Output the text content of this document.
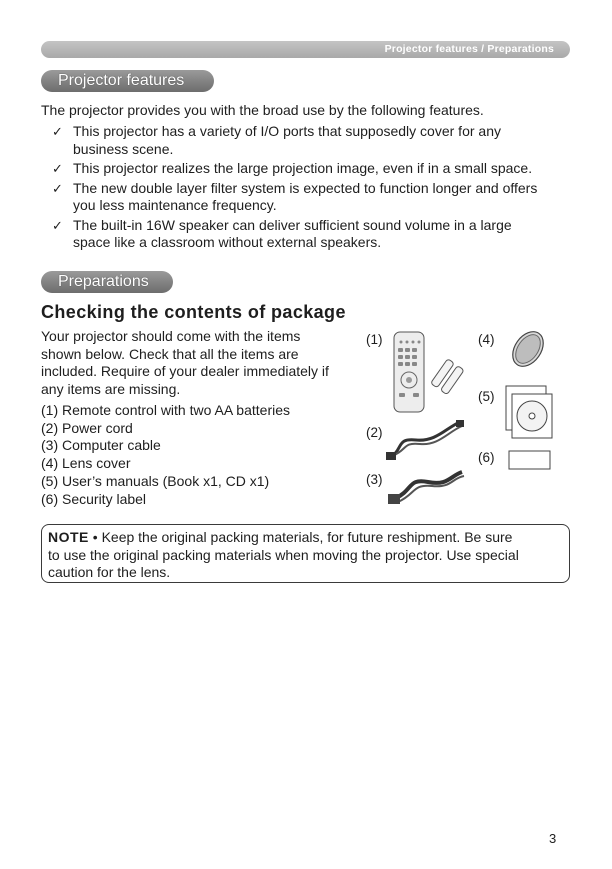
Projector features / Preparations
Projector features
The projector provides you with the broad use by the following features.
✓ This projector has a variety of I/O ports that supposedly cover for any
business scene.
✓ This projector realizes the large projection image, even if in a small space.
✓ The new double layer filter system is expected to function longer and offers
you less maintenance frequency.
✓ The built-in 16W speaker can deliver sufficient sound volume in a large
space like a classroom without external speakers.
Preparations
Checking the contents of package
Your projector should come with the items
shown below. Check that all the items are
included. Require of your dealer immediately if
any items are missing.
(1) Remote control with two AA batteries
(2) Power cord
(3) Computer cable
(4) Lens cover
(5) User’s manuals (Book x1, CD x1)
(6) Security label
(1)
(2)
(3)
(4)
(5)
(6)
NOTE • Keep the original packing materials, for future reshipment. Be sure
to use the original packing materials when moving the projector. Use special
caution for the lens.
3
